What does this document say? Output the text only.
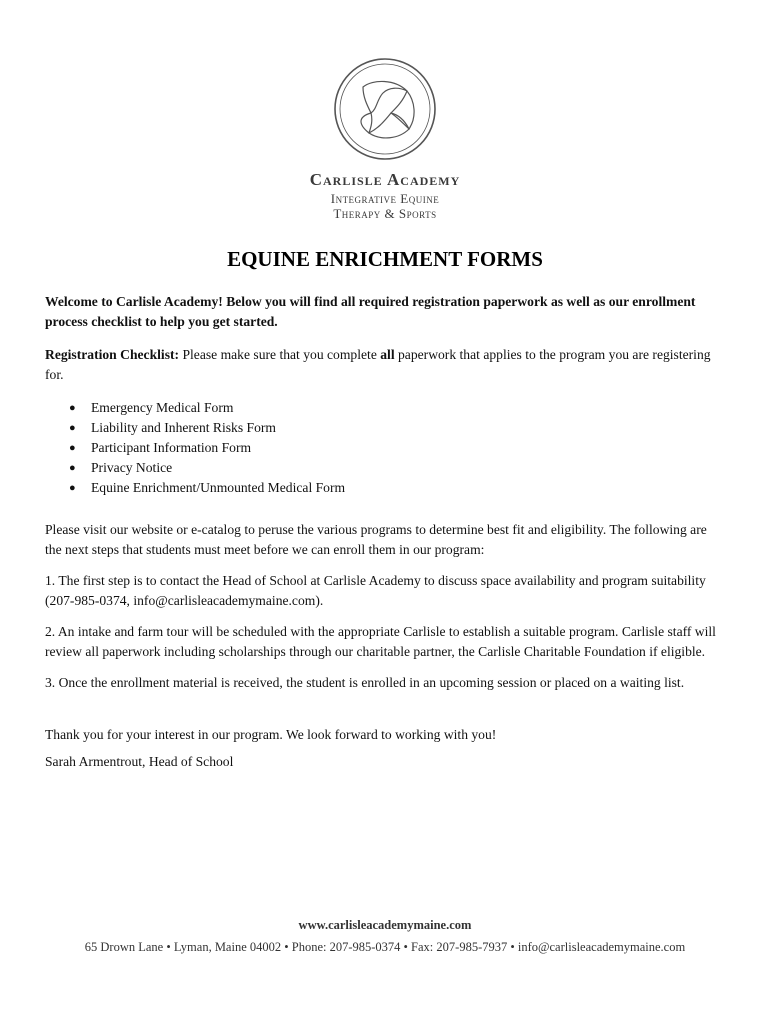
Carlisle Academy
Integrative Equine
Therapy & Sports
EQUINE ENRICHMENT FORMS

Welcome to Carlisle Academy! Below you will find all required registration paperwork as well as our enrollment process checklist to help you get started.

Registration Checklist: Please make sure that you complete all paperwork that applies to the program you are registering for.

● Emergency Medical Form
● Liability and Inherent Risks Form
● Participant Information Form
● Privacy Notice
● Equine Enrichment/Unmounted Medical Form

Please visit our website or e-catalog to peruse the various programs to determine best fit and eligibility. The following are the next steps that students must meet before we can enroll them in our program:

1. The first step is to contact the Head of School at Carlisle Academy to discuss space availability and program suitability (207-985-0374, info@carlisleacademymaine.com).

2. An intake and farm tour will be scheduled with the appropriate Carlisle to establish a suitable program. Carlisle staff will review all paperwork including scholarships through our charitable partner, the Carlisle Charitable Foundation if eligible.

3. Once the enrollment material is received, the student is enrolled in an upcoming session or placed on a waiting list.

Thank you for your interest in our program. We look forward to working with you!

Sarah Armentrout, Head of School

www.carlisleacademymaine.com
65 Drown Lane • Lyman, Maine 04002 • Phone: 207-985-0374 • Fax: 207-985-7937 • info@carlisleacademymaine.com
